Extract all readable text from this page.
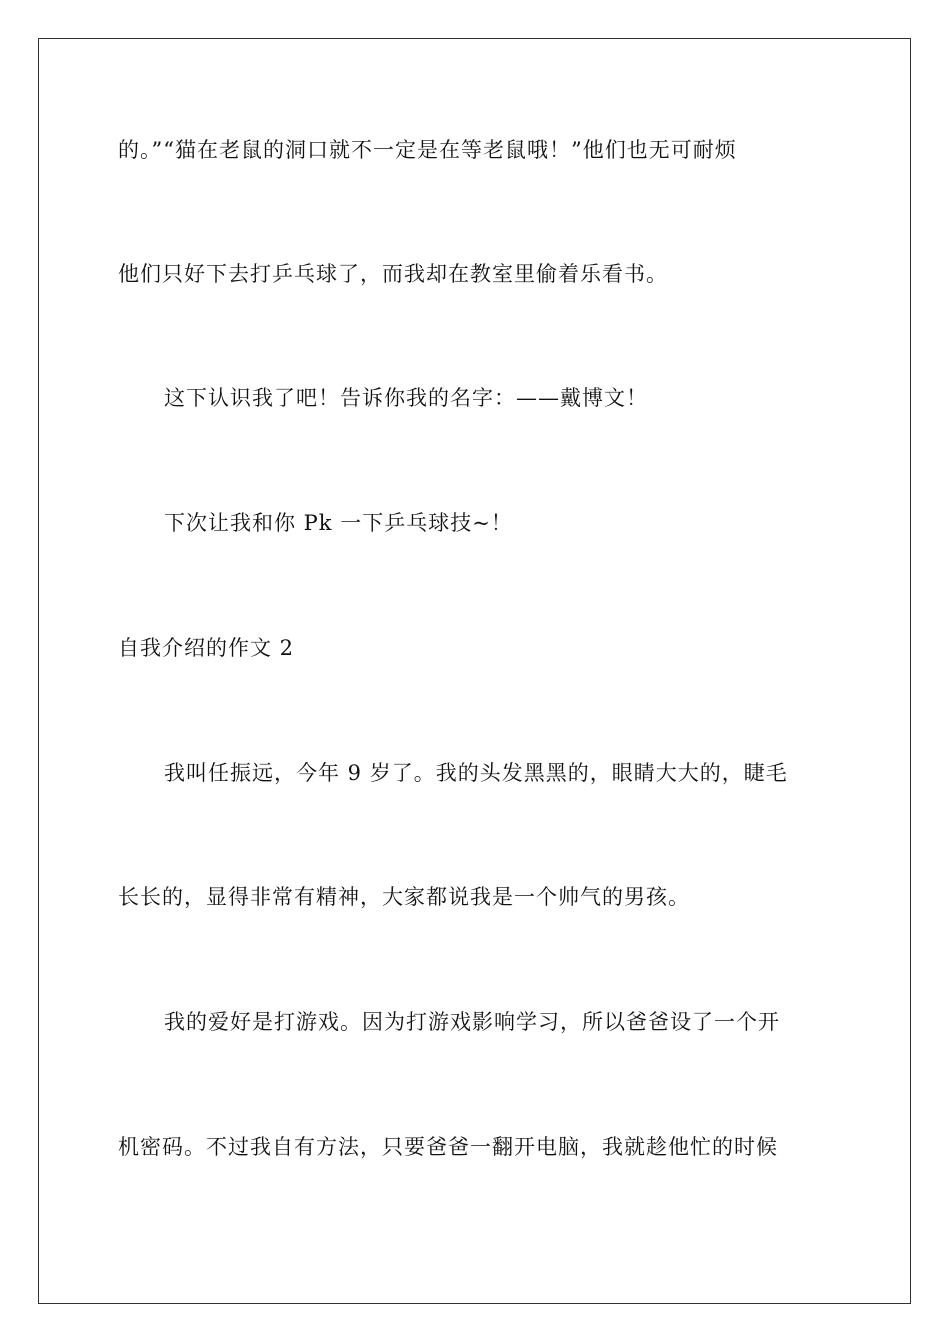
的。”“猫在老鼠的洞口就不一定是在等老鼠哦！”他们也无可耐烦
他们只好下去打乒乓球了，而我却在教室里偷着乐看书。
这下认识我了吧！告诉你我的名字：——戴博文！
下次让我和你 Pk 一下乒乓球技~！
自我介绍的作文 2
我叫任振远，今年 9 岁了。我的头发黑黑的，眼睛大大的，睫毛
长长的，显得非常有精神，大家都说我是一个帅气的男孩。
我的爱好是打游戏。因为打游戏影响学习，所以爸爸设了一个开
机密码。不过我自有方法，只要爸爸一翻开电脑，我就趁他忙的时候
